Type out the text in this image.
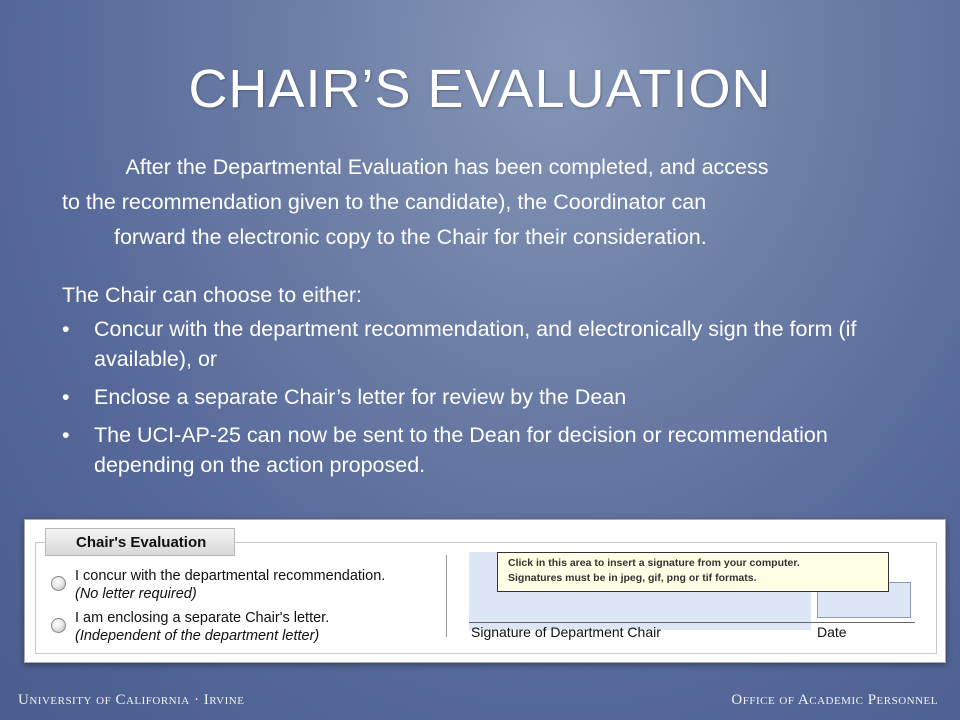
CHAIR’S EVALUATION

After the Departmental Evaluation has been completed, and access

to the recommendation given to the candidate), the Coordinator can

forward the electronic copy to the Chair for their consideration.

The Chair can choose to either:
• Concur with the department recommendation, and electronically sign the form (if available), or
• Enclose a separate Chair’s letter for review by the Dean
• The UCI-AP-25 can now be sent to the Dean for decision or recommendation depending on the action proposed.
Chair's Evaluation
I concur with the departmental recommendation.
(No letter required)
I am enclosing a separate Chair's letter.
(Independent of the department letter)
Click in this area to insert a signature from your computer.
Signatures must be in jpeg, gif, png or tif formats.
Signature of Department Chair	Date
University of California · Irvine	Office of Academic Personnel
